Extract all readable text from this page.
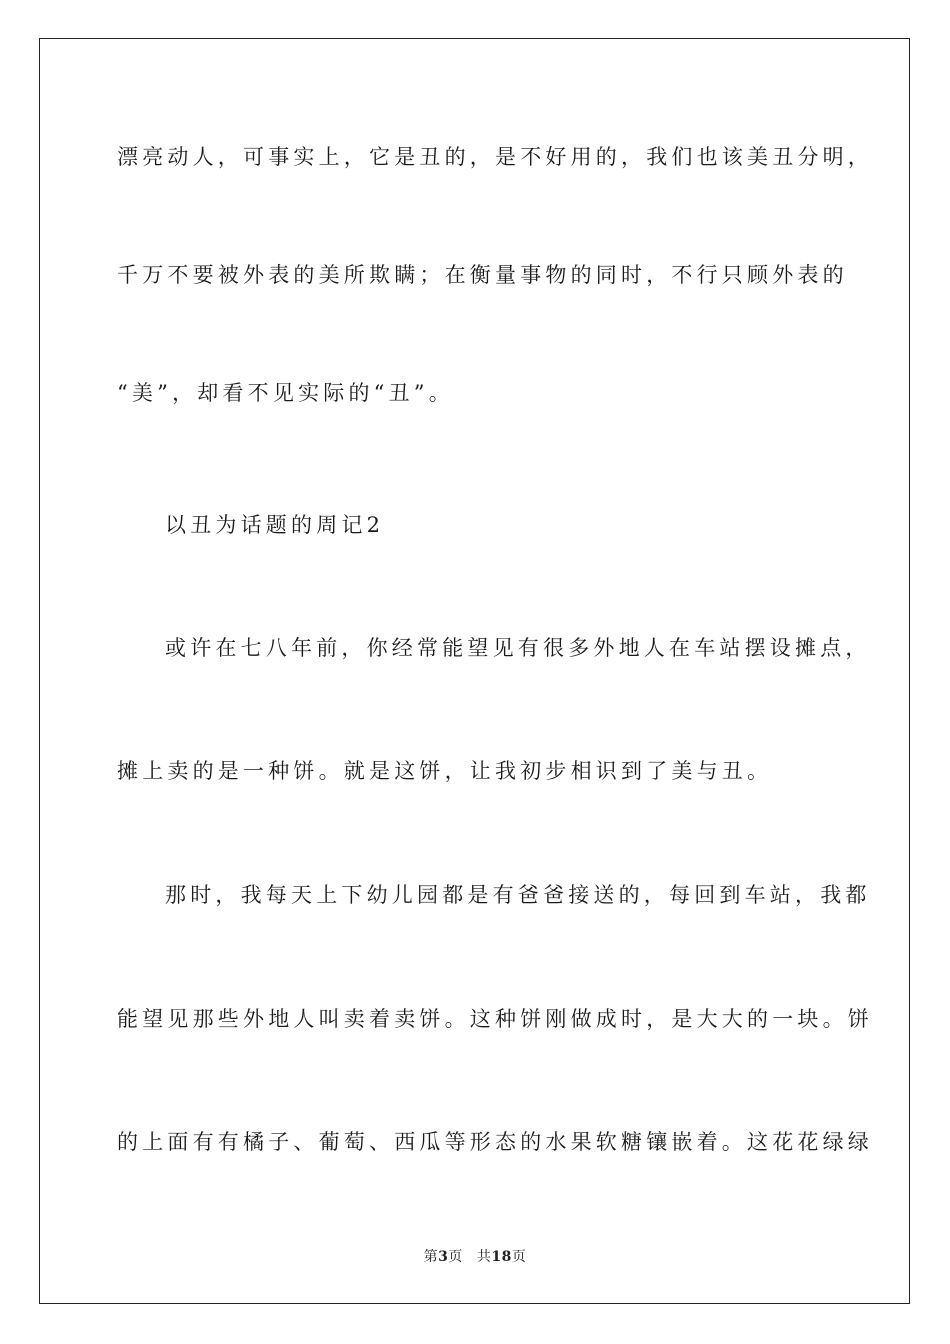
漂亮动人，可事实上，它是丑的，是不好用的，我们也该美丑分明，
千万不要被外表的美所欺瞒；在衡量事物的同时，不行只顾外表的
“美”，却看不见实际的“丑”。
以丑为话题的周记2
或许在七八年前，你经常能望见有很多外地人在车站摆设摊点，
摊上卖的是一种饼。就是这饼，让我初步相识到了美与丑。
那时，我每天上下幼儿园都是有爸爸接送的，每回到车站，我都
能望见那些外地人叫卖着卖饼。这种饼刚做成时，是大大的一块。饼
的上面有有橘子、葡萄、西瓜等形态的水果软糖镶嵌着。这花花绿绿
第3页 共18页
